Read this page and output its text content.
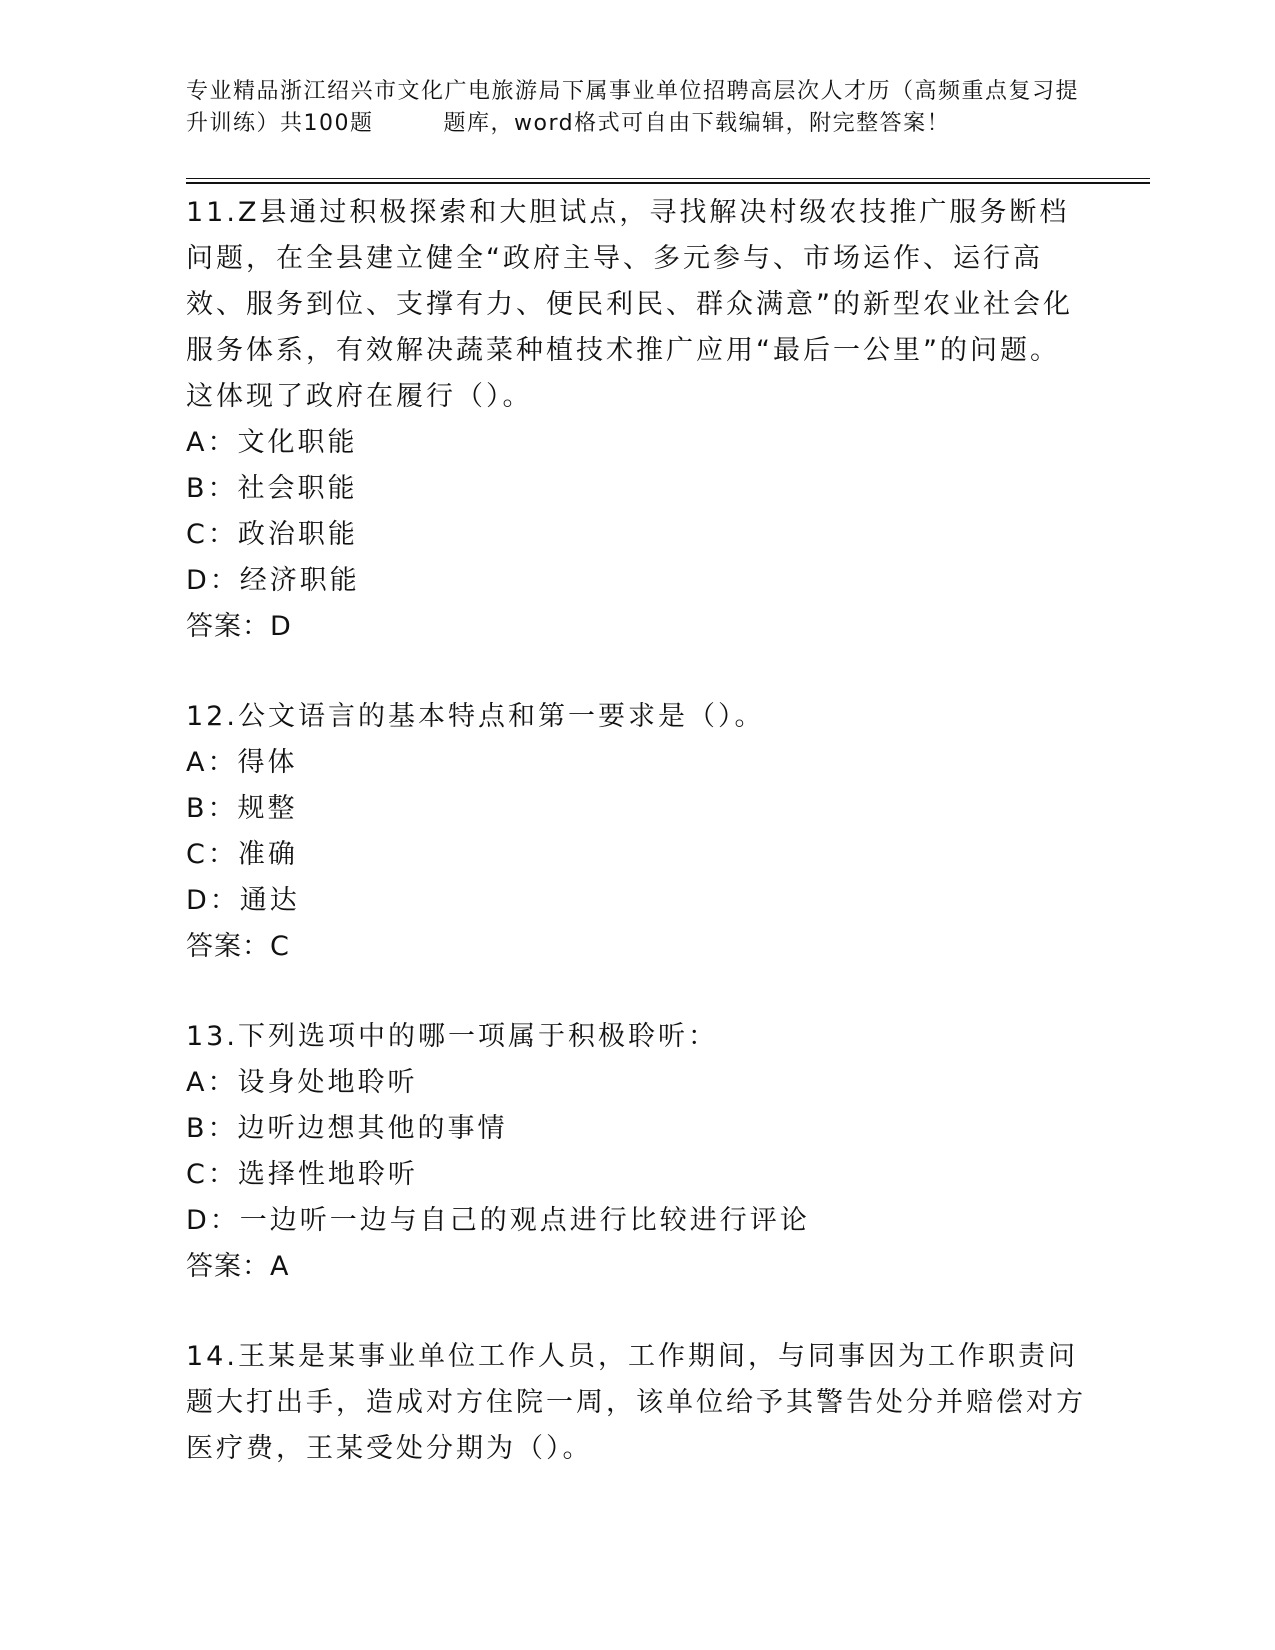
专业精品浙江绍兴市文化广电旅游局下属事业单位招聘高层次人才历（高频重点复习提升训练）共100题	题库，word格式可自由下载编辑，附完整答案！

11.Z县通过积极探索和大胆试点，寻找解决村级农技推广服务断档问题，在全县建立健全“政府主导、多元参与、市场运作、运行高效、服务到位、支撑有力、便民利民、群众满意”的新型农业社会化服务体系，有效解决蔬菜种植技术推广应用“最后一公里”的问题。这体现了政府在履行（）。

A：文化职能

B：社会职能

C：政治职能

D：经济职能

答案：D

12.公文语言的基本特点和第一要求是（）。

A：得体

B：规整

C：准确

D：通达

答案：C

13.下列选项中的哪一项属于积极聆听：

A：设身处地聆听

B：边听边想其他的事情

C：选择性地聆听

D：一边听一边与自己的观点进行比较进行评论

答案：A

14.王某是某事业单位工作人员，工作期间，与同事因为工作职责问题大打出手，造成对方住院一周，该单位给予其警告处分并赔偿对方医疗费，王某受处分期为（）。
